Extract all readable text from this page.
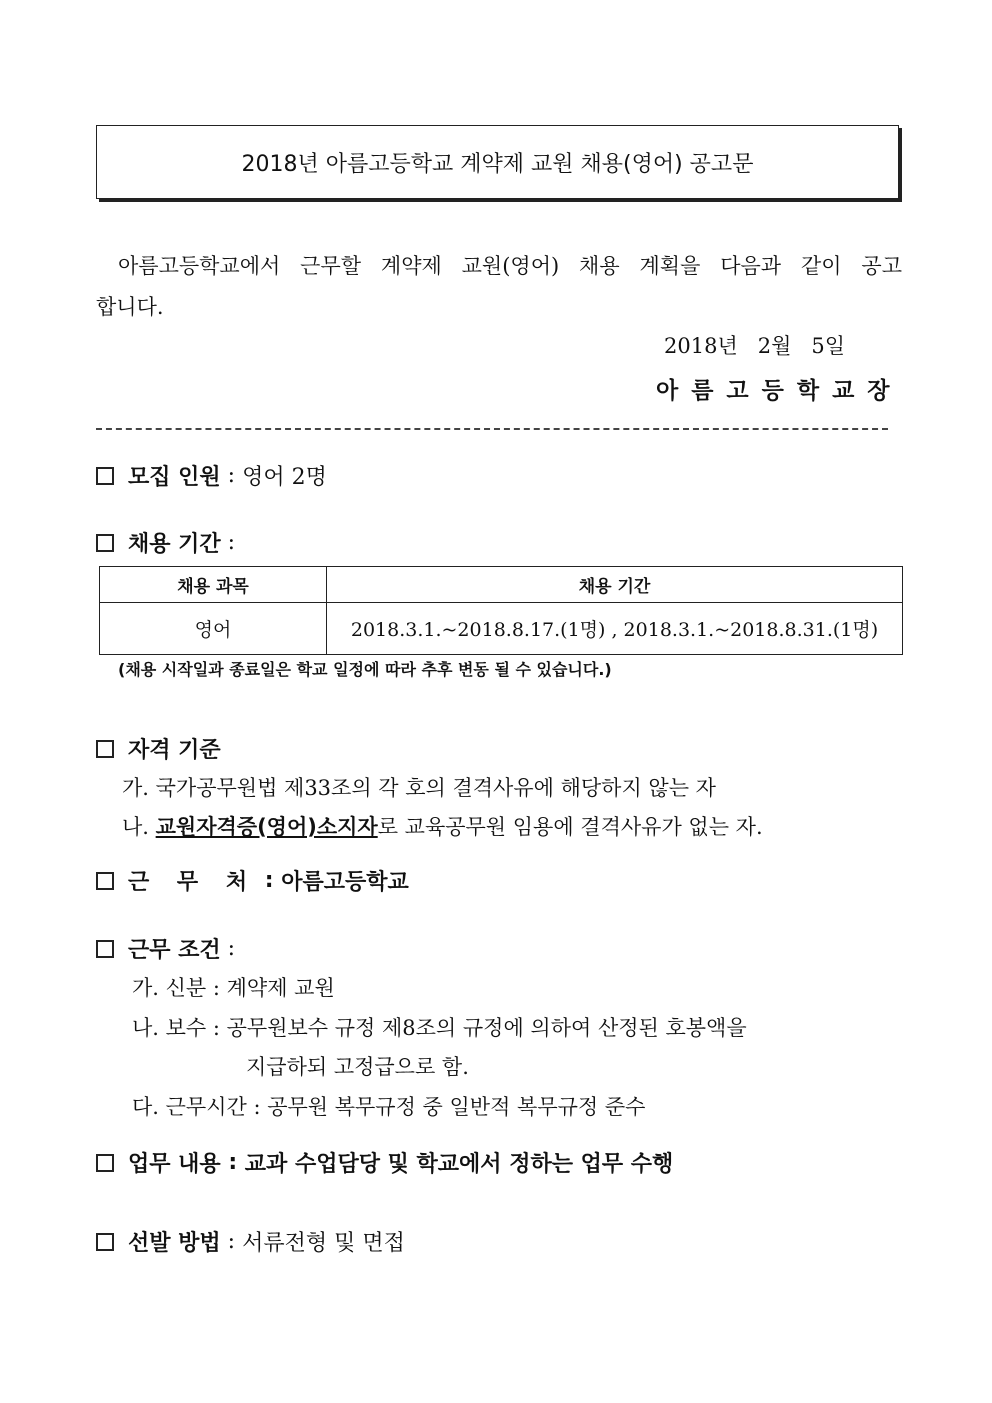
2018년 아름고등학교 계약제 교원 채용(영어) 공고문
아름고등학교에서 근무할 계약제 교원(영어) 채용 계획을 다음과 같이 공고
합니다.
2018년   2월   5일
아름고등학교장
모집 인원 : 영어 2명
채용 기간 :
채용 과목	채용 기간
영어	2018.3.1.~2018.8.17.(1명) , 2018.3.1.~2018.8.31.(1명)
(채용 시작일과 종료일은 학교 일정에 따라 추후 변동 될 수 있습니다.)
자격 기준
가. 국가공무원법 제33조의 각 호의 결격사유에 해당하지 않는 자
나. 교원자격증(영어)소지자로 교육공무원 임용에 결격사유가 없는 자.
근 무 처 : 아름고등학교
근무 조건 :
가. 신분 : 계약제 교원
나. 보수 : 공무원보수 규정 제8조의 규정에 의하여 산정된 호봉액을
지급하되 고정급으로 함.
다. 근무시간 : 공무원 복무규정 중 일반적 복무규정 준수
업무 내용 : 교과 수업담당 및 학교에서 정하는 업무 수행
선발 방법 : 서류전형 및 면접
